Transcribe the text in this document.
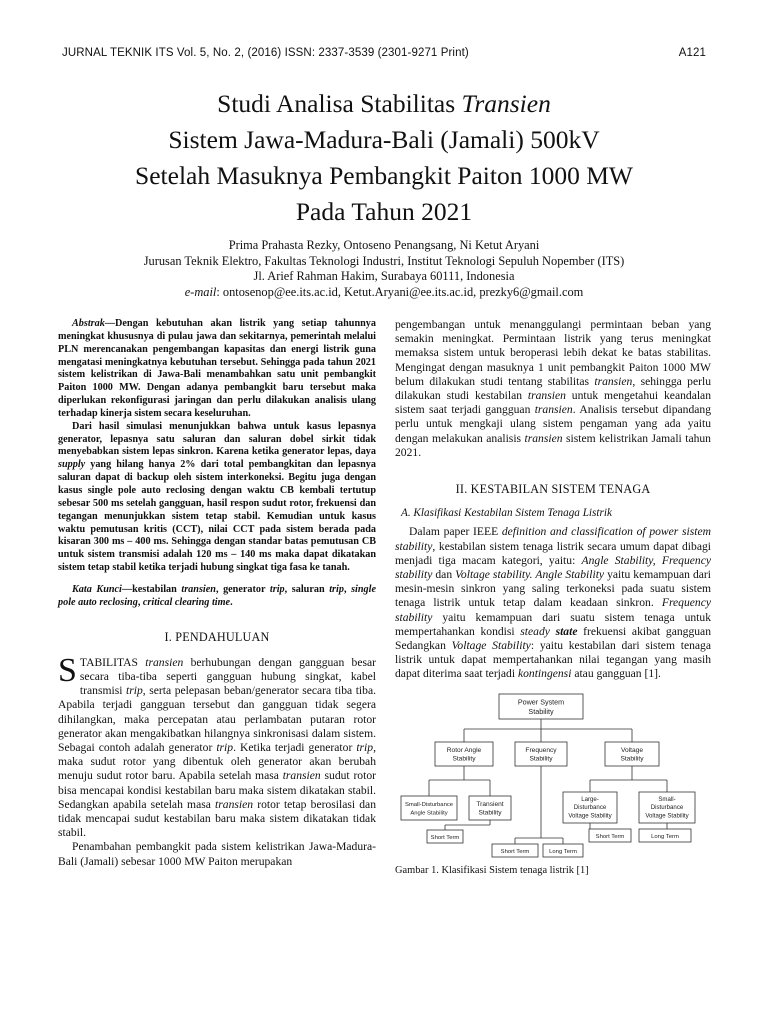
JURNAL TEKNIK ITS Vol. 5, No. 2, (2016) ISSN: 2337-3539 (2301-9271 Print)	A121
Studi Analisa Stabilitas Transien
Sistem Jawa-Madura-Bali (Jamali) 500kV
Setelah Masuknya Pembangkit Paiton 1000 MW
Pada Tahun 2021
Prima Prahasta Rezky, Ontoseno Penangsang, Ni Ketut Aryani
Jurusan Teknik Elektro, Fakultas Teknologi Industri, Institut Teknologi Sepuluh Nopember (ITS)
Jl. Arief Rahman Hakim, Surabaya 60111, Indonesia
e-mail: ontosenop@ee.its.ac.id, Ketut.Aryani@ee.its.ac.id, prezky6@gmail.com

Abstrak—Dengan kebutuhan akan listrik yang setiap tahunnya meningkat khususnya di pulau jawa dan sekitarnya, pemerintah melalui PLN merencanakan pengembangan kapasitas dan energi listrik guna mengatasi meningkatnya kebutuhan tersebut. Sehingga pada tahun 2021 sistem kelistrikan di Jawa-Bali menambahkan satu unit pembangkit Paiton 1000 MW. Dengan adanya pembangkit baru tersebut maka diperlukan rekonfigurasi jaringan dan perlu dilakukan analisis ulang terhadap kinerja sistem secara keseluruhan.

Dari hasil simulasi menunjukkan bahwa untuk kasus lepasnya generator, lepasnya satu saluran dan saluran dobel sirkit tidak menyebabkan sistem lepas sinkron. Karena ketika generator lepas, daya supply yang hilang hanya 2% dari total pembangkitan dan lepasnya saluran dapat di backup oleh sistem interkoneksi. Begitu juga dengan kasus single pole auto reclosing dengan waktu CB kembali tertutup sebesar 500 ms setelah gangguan, hasil respon sudut rotor, frekuensi dan tegangan menunjukkan sistem tetap stabil. Kemudian untuk kasus waktu pemutusan kritis (CCT), nilai CCT pada sistem berada pada kisaran 300 ms – 400 ms. Sehingga dengan standar batas pemutusan CB untuk sistem transmisi adalah 120 ms – 140 ms maka dapat dikatakan sistem tetap stabil ketika terjadi hubung singkat tiga fasa ke tanah.

Kata Kunci—kestabilan transien, generator trip, saluran trip, single pole auto reclosing, critical clearing time.
I. PENDAHULUAN

STABILITAS transien berhubungan dengan gangguan besar secara tiba-tiba seperti gangguan hubung singkat, kabel transmisi trip, serta pelepasan beban/generator secara tiba tiba. Apabila terjadi gangguan tersebut dan gangguan tidak segera dihilangkan, maka percepatan atau perlambatan putaran rotor generator akan mengakibatkan hilangnya sinkronisasi dalam sistem. Sebagai contoh adalah generator trip. Ketika terjadi generator trip, maka sudut rotor yang dibentuk oleh generator akan berubah menuju sudut rotor baru. Apabila setelah masa transien sudut rotor bisa mencapai kondisi kestabilan baru maka sistem dikatakan stabil. Sedangkan apabila setelah masa transien rotor tetap berosilasi dan tidak mencapai sudut kestabilan baru maka sistem dikatakan tidak stabil.

Penambahan pembangkit pada sistem kelistrikan Jawa-Madura-Bali (Jamali) sebesar 1000 MW Paiton merupakan

pengembangan untuk menanggulangi permintaan beban yang semakin meningkat. Permintaan listrik yang terus meningkat memaksa sistem untuk beroperasi lebih dekat ke batas stabilitas. Mengingat dengan masuknya 1 unit pembangkit Paiton 1000 MW belum dilakukan studi tentang stabilitas transien, sehingga perlu dilakukan studi kestabilan transien untuk mengetahui keandalan sistem saat terjadi gangguan transien. Analisis tersebut dipandang perlu untuk mengkaji ulang sistem pengaman yang ada yaitu dengan melakukan analisis transien sistem kelistrikan Jamali tahun 2021.

II. KESTABILAN SISTEM TENAGA
A. Klasifikasi Kestabilan Sistem Tenaga Listrik

Dalam paper IEEE definition and classification of power sistem stability, kestabilan sistem tenaga listrik secara umum dapat dibagi menjadi tiga macam kategori, yaitu: Angle Stability, Frequency stability dan Voltage stability. Angle Stability yaitu kemampuan dari mesin-mesin sinkron yang saling terkoneksi pada suatu sistem tenaga listrik untuk tetap dalam keadaan sinkron. Frequency stability yaitu kemampuan dari suatu sistem tenaga untuk mempertahankan kondisi steady state frekuensi akibat gangguan Sedangkan Voltage Stability: yaitu kestabilan dari sistem tenaga listrik untuk dapat mempertahankan nilai tegangan yang masih dapat diterima saat terjadi kontingensi atau gangguan [1].

Power System
Stability
Rotor Angle
Stability
Frequency
Stability
Voltage
Stability
Small-Disturbance
Angle Stability
Transient
Stability
Large-
Disturbance
Voltage Stability
Small-
Disturbance
Voltage Stability
Short Term
Short Term	Long Term
Short Term	Long Term
Gambar 1. Klasifikasi Sistem tenaga listrik [1]
